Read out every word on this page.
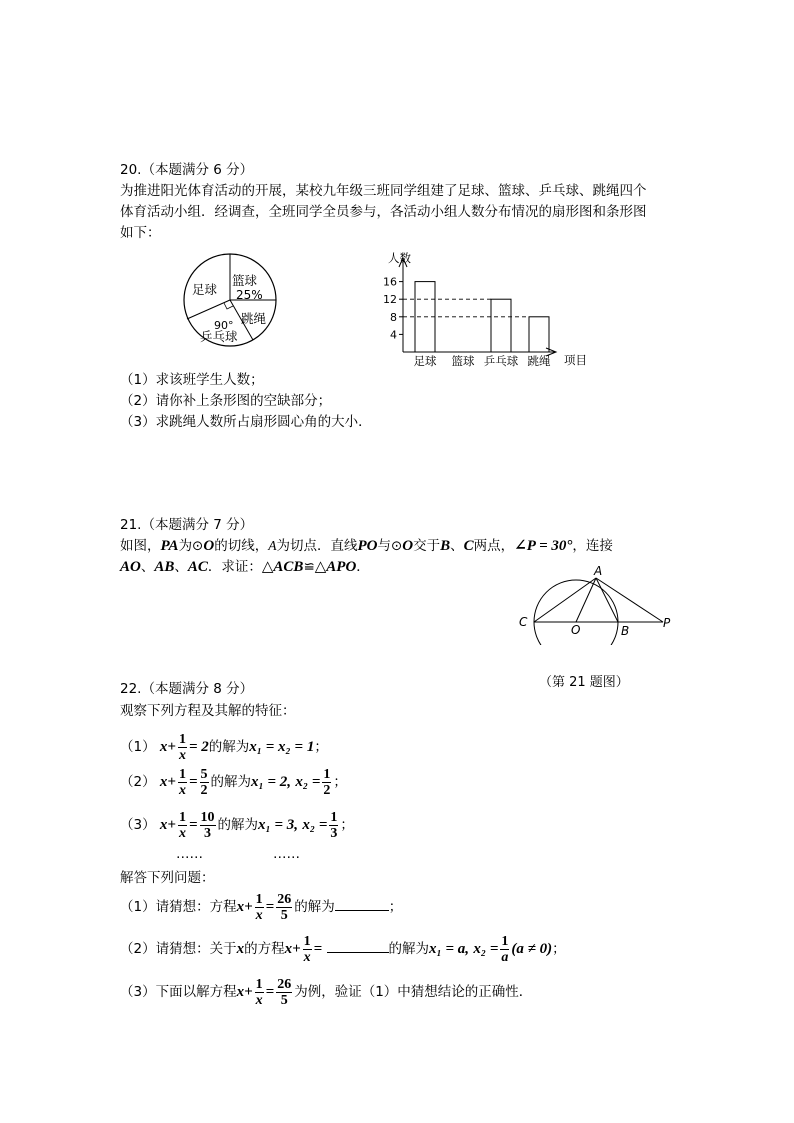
20.（本题满分 6 分）
为推进阳光体育活动的开展，某校九年级三班同学组建了足球、篮球、乒乓球、跳绳四个
体育活动小组．经调查，全班同学全员参与，各活动小组人数分布情况的扇形图和条形图
如下：
足球
篮球
25%
跳绳
90°
乒乓球
人数
项目
4
8
12
16
足球 篮球 乒乓球 跳绳
（1）求该班学生人数；
（2）请你补上条形图的空缺部分；
（3）求跳绳人数所占扇形圆心角的大小．
21.（本题满分 7 分）
如图，PA为⊙O的切线，A为切点．直线PO与⊙O交于B、C两点，∠P = 30°，连接
AO、AB、AC．求证：△ACB≌△APO．	A
C
O	B
P
（第 21 题图）
22.（本题满分 8 分）
观察下列方程及其解的特征：
（1） $x+ \frac{1}{x} = 2$的解为x₁ = x₂ = 1；
（2） $x+ \frac{1}{x} = \frac{5}{2}$ 的解为x₁ = 2, $x_2 = \frac{1}{2}$ ；
（3） $x+ \frac{1}{x} = \frac{10}{3}$ 的解为x₁ = 3, $x_2 = \frac{1}{3}$ ；
……	……
解答下列问题：
（1）请猜想：方程$x+ \frac{1}{x} = \frac{26}{5}$ 的解为	；
（2）请猜想：关于x的方程$x+ \frac{1}{x}$ =	的解为x₁ = a, $x_2 = \frac{1}{a} (a \ne 0)$；
（3）下面以解方程$x+ \frac{1}{x} = \frac{26}{5}$ 为例，验证（1）中猜想结论的正确性．
